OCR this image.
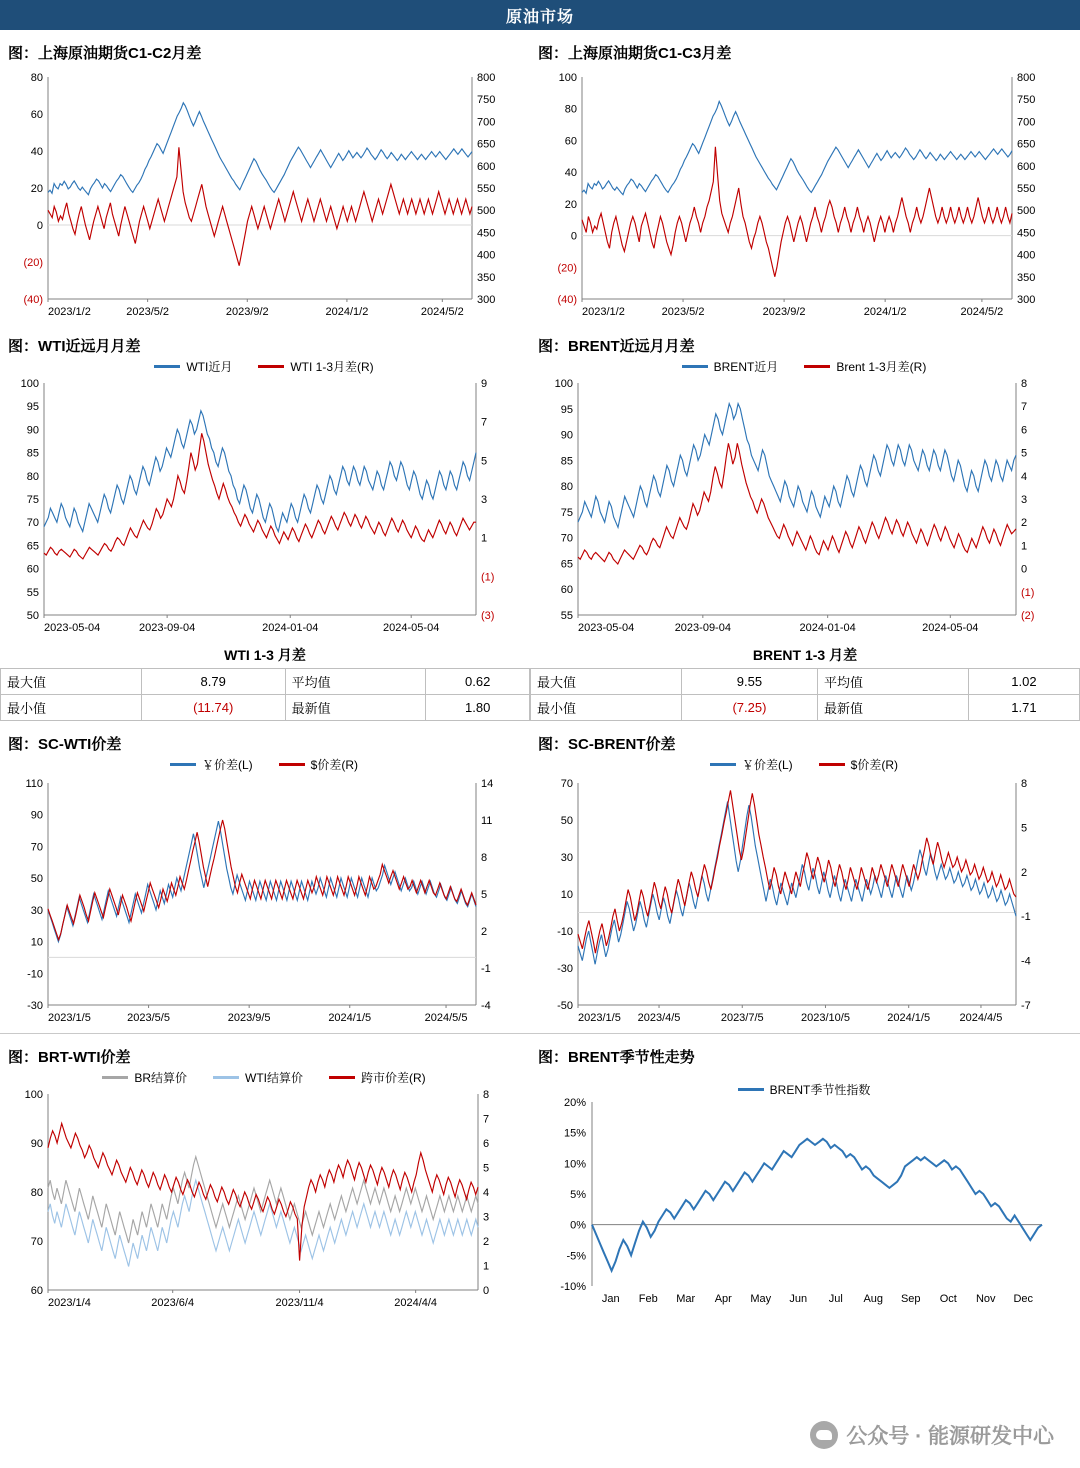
原油市场
图：上海原油期货C1-C2月差
80
60
40
20
0
(20)
(40)
800
750
700
650
600
550
500
450
400
350
300
2023/1/2	2023/5/2	2023/9/2	2024/1/2	2024/5/2
图：上海原油期货C1-C3月差
100
80
60
40
20
0
(20)
(40)
800
750
700
650
600
550
500
450
400
350
300
2023/1/2	2023/5/2	2023/9/2	2024/1/2	2024/5/2
图：WTI近远月月差
WTI近月	WTI 1-3月差(R)
100
95
90
85
80
75
70
65
60
55
50
9
7
5
3
1
(1)
(3)
2023-05-04	2023-09-04	2024-01-04	2024-05-04
图：BRENT近远月月差
BRENT近月	Brent 1-3月差(R)
100
95
90
85
80
75
70
65
60
55
8
7
6
5
4
3
2
1
0
(1)
(2)
2023-05-04	2023-09-04	2024-01-04	2024-05-04
WTI 1-3 月差
最大值	8.79	平均值	0.62
最小值	(11.74)	最新值	1.80
BRENT 1-3 月差
最大值	9.55	平均值	1.02
最小值	(7.25)	最新值	1.71
图：SC-WTI价差
￥价差(L)	$价差(R)
110
90
70
50
30
10
-10
-30
14
11
8
5
2
-1
-4
2023/1/5	2023/5/5	2023/9/5	2024/1/5	2024/5/5
图：SC-BRENT价差
￥价差(L)	$价差(R)
70
50
30
10
-10
-30
-50
8
5
2
-1
-4
-7
2023/1/5 2023/4/5	2023/7/5	2023/10/5	2024/1/5	2024/4/5
图：BRT-WTI价差
BR结算价	WTI结算价	跨市价差(R)
100
90
80
70
60
8
7
6
5
4
3
2
1
0
2023/1/4	2023/6/4	2023/11/4	2024/4/4
图：BRENT季节性走势
BRENT季节性指数
20%
15%
10%
5%
0%
-5%
-10%
Jan Feb Mar Apr May Jun Jul Aug Sep Oct Nov Dec
公众号 · 能源研发中心
